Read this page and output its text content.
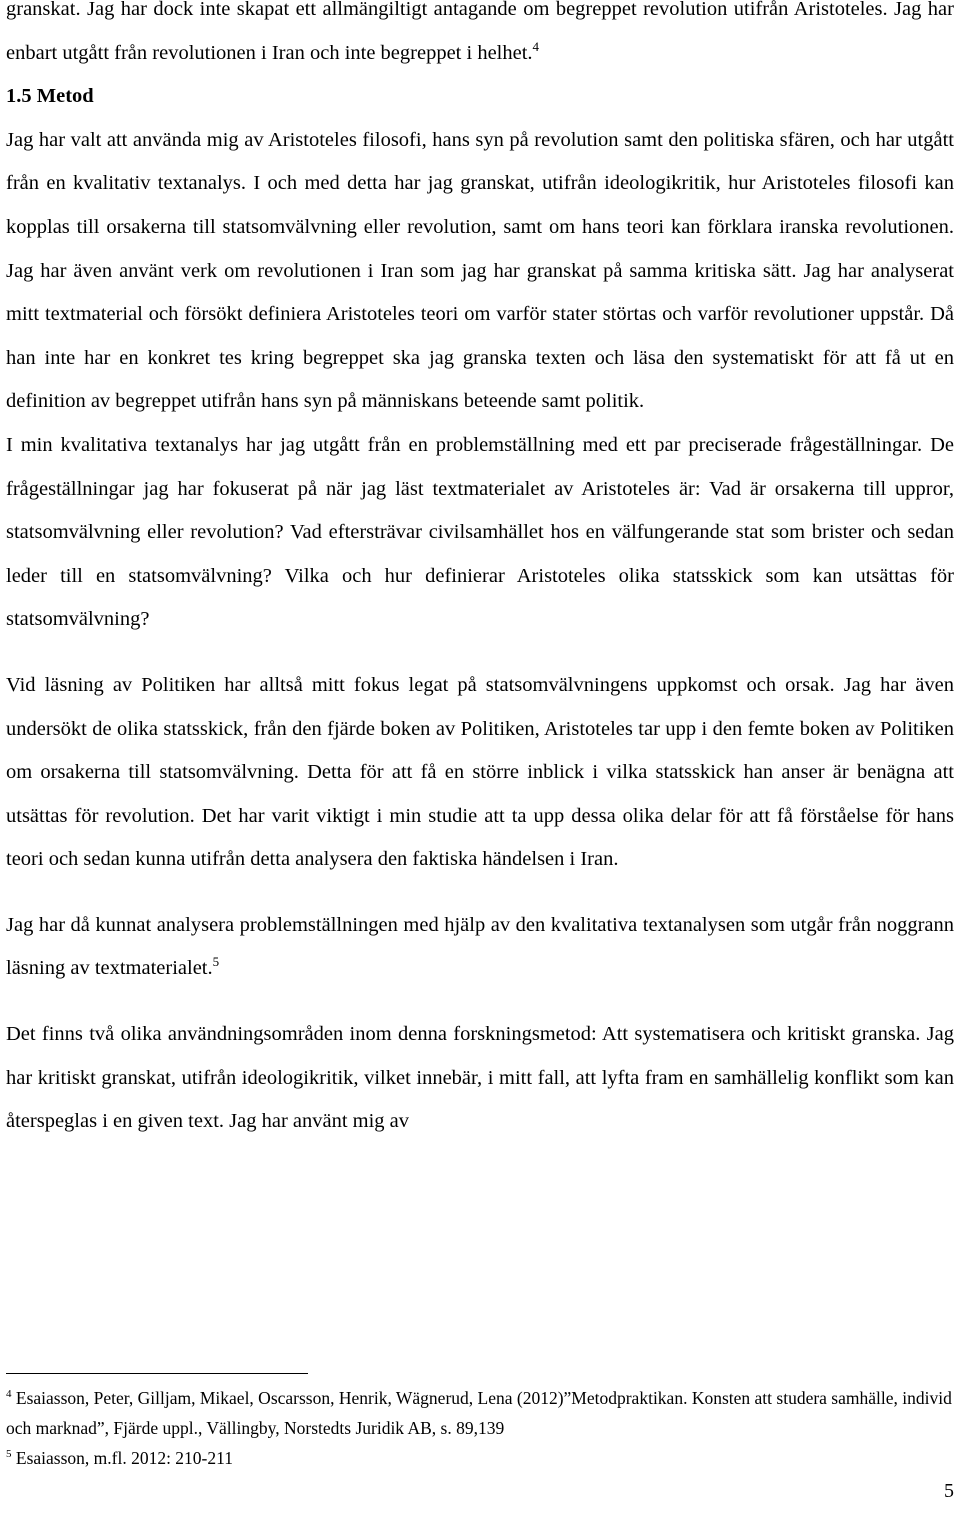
granskat. Jag har dock inte skapat ett allmängiltigt antagande om begreppet revolution utifrån Aristoteles. Jag har enbart utgått från revolutionen i Iran och inte begreppet i helhet.$^4$

1.5 Metod

Jag har valt att använda mig av Aristoteles filosofi, hans syn på revolution samt den politiska sfären, och har utgått från en kvalitativ textanalys. I och med detta har jag granskat, utifrån ideologikritik, hur Aristoteles filosofi kan kopplas till orsakerna till statsomvälvning eller revolution, samt om hans teori kan förklara iranska revolutionen. Jag har även använt verk om revolutionen i Iran som jag har granskat på samma kritiska sätt. Jag har analyserat mitt textmaterial och försökt definiera Aristoteles teori om varför stater störtas och varför revolutioner uppstår. Då han inte har en konkret tes kring begreppet ska jag granska texten och läsa den systematiskt för att få ut en definition av begreppet utifrån hans syn på människans beteende samt politik.

I min kvalitativa textanalys har jag utgått från en problemställning med ett par preciserade frågeställningar. De frågeställningar jag har fokuserat på när jag läst textmaterialet av Aristoteles är: Vad är orsakerna till uppror, statsomvälvning eller revolution? Vad eftersträvar civilsamhället hos en välfungerande stat som brister och sedan leder till en statsomvälvning? Vilka och hur definierar Aristoteles olika statsskick som kan utsättas för statsomvälvning?

Vid läsning av Politiken har alltså mitt fokus legat på statsomvälvningens uppkomst och orsak. Jag har även undersökt de olika statsskick, från den fjärde boken av Politiken, Aristoteles tar upp i den femte boken av Politiken om orsakerna till statsomvälvning. Detta för att få en större inblick i vilka statsskick han anser är benägna att utsättas för revolution. Det har varit viktigt i min studie att ta upp dessa olika delar för att få förståelse för hans teori och sedan kunna utifrån detta analysera den faktiska händelsen i Iran.

Jag har då kunnat analysera problemställningen med hjälp av den kvalitativa textanalysen som utgår från noggrann läsning av textmaterialet.$^5$

Det finns två olika användningsområden inom denna forskningsmetod: Att systematisera och kritiskt granska. Jag har kritiskt granskat, utifrån ideologikritik, vilket innebär, i mitt fall, att lyfta fram en samhällelig konflikt som kan återspeglas i en given text. Jag har använt mig av

$^4$ Esaiasson, Peter, Gilljam, Mikael, Oscarsson, Henrik, Wägnerud, Lena (2012)”Metodpraktikan. Konsten att studera samhälle, individ och marknad”, Fjärde uppl., Vällingby, Norstedts Juridik AB, s. 89,139

$^5$ Esaiasson, m.fl. 2012: 210-211

5
